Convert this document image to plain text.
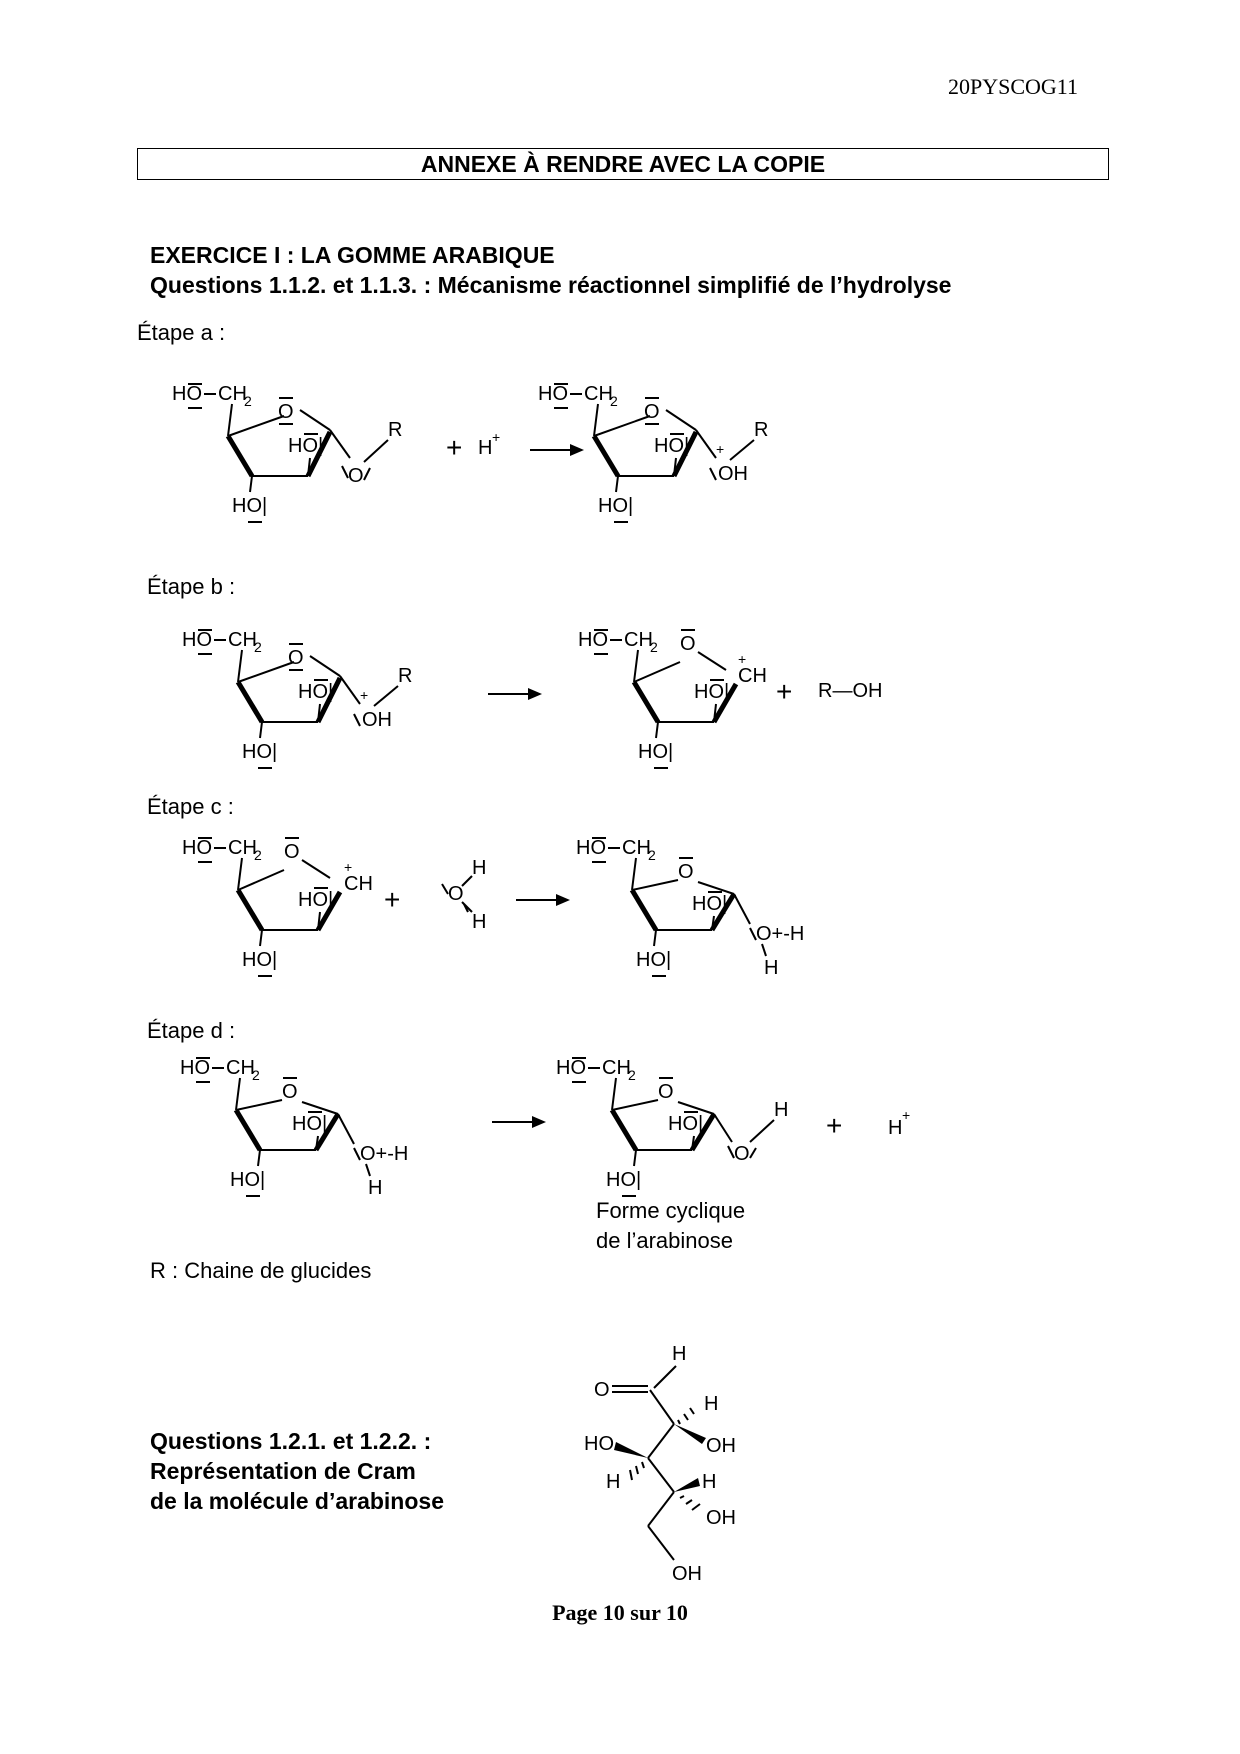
20PYSCOG11
ANNEXE À RENDRE AVEC LA COPIE
EXERCICE I : LA GOMME ARABIQUE
Questions 1.1.2. et 1.1.3. : Mécanisme réactionnel simplifié de l’hydrolyse
Étape a :
Étape b :
Étape c :
Étape d :
HO CH
2 O
HO |
HO |
O
R
+ H +
HO CH
2 O
HO |
HO | +
OH
R
HO CH
2 O
HO |
HO | +
OH
R
HO CH
2 O
+
CH
HO |
HO | + R—OH
HO CH
2 O
+
CH
HO |
HO | + O
H
H
HO CH
2
O
HO |
HO |
O+-H
H
HO CH
2
O
HO |
HO |
O+-H
H
HO CH
2
O
HO |
HO |
O
H + H
+
Forme cyclique
de l’arabinose
R : Chaine de glucides
Questions 1.2.1. et 1.2.2. :
Représentation de Cram
de la molécule d’arabinose
H
O
H
OH
HO
H	H
OH
OH
Page 10 sur 10
